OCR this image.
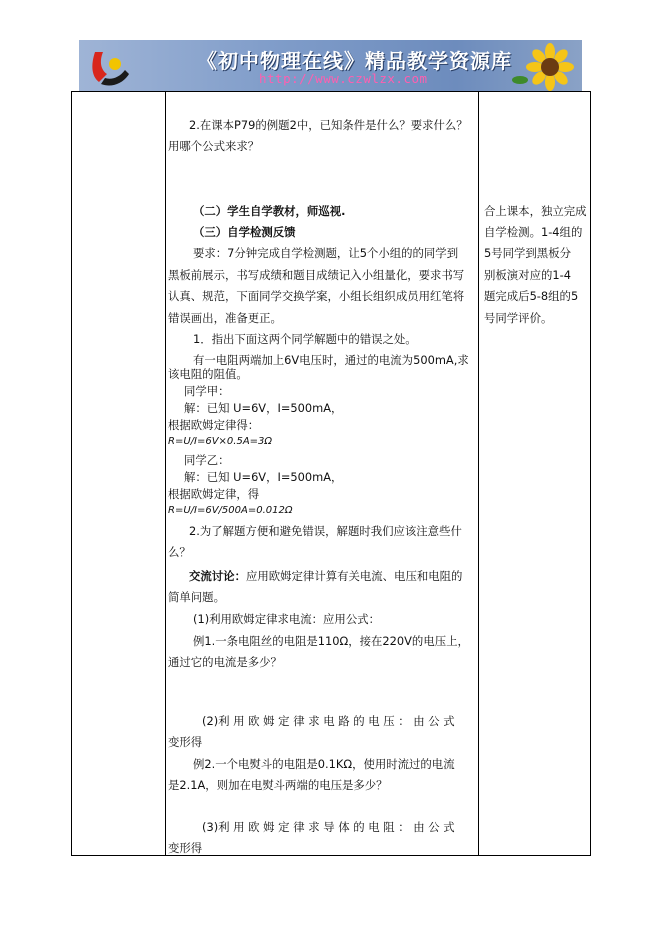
《初中物理在线》精品教学资源库
http://www.czwlzx.com
2.在课本P79的例题2中，已知条件是什么？要求什么？
用哪个公式来求？
（二）学生自学教材，师巡视.
（三）自学检测反馈
要求：7分钟完成自学检测题，让5个小组的的同学到
黑板前展示，书写成绩和题目成绩记入小组量化，要求书写
认真、规范，下面同学交换学案，小组长组织成员用红笔将
错误画出，准备更正。
1．指出下面这两个同学解题中的错误之处。
有一电阻两端加上6V电压时，通过的电流为500mA,求
该电阻的阻值。
同学甲：
解：已知 U=6V，I=500mA，
根据欧姆定律得：
R=U/I=6V×0.5A=3Ω
同学乙：
解：已知 U=6V，I=500mA，
根据欧姆定律，得
R=U/I=6V/500A=0.012Ω
2.为了解题方便和避免错误，解题时我们应该注意些什
么？
交流讨论：应用欧姆定律计算有关电流、电压和电阻的
简单问题。
(1)利用欧姆定律求电流：应用公式：
例1.一条电阻丝的电阻是110Ω，接在220V的电压上，
通过它的电流是多少？
(2)利 用 欧 姆 定 律 求 电 路 的 电 压 ： 由 公 式
变形得
例2.一个电熨斗的电阻是0.1KΩ，使用时流过的电流
是2.1A，则加在电熨斗两端的电压是多少？
(3)利 用 欧 姆 定 律 求 导 体 的 电 阻 ： 由 公 式
变形得
合上课本，独立完成
自学检测。1-4组的
5号同学到黑板分
别板演对应的1-4
题完成后5-8组的5
号同学评价。
